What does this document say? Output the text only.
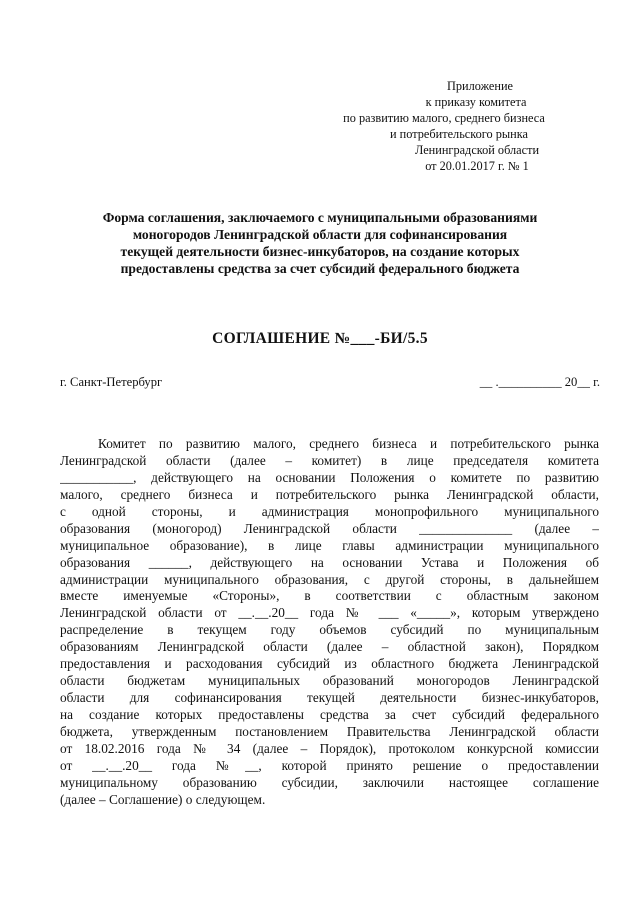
Приложение
к приказу комитета
по развитию малого, среднего бизнеса
и потребительского рынка
Ленинградской области
от 20.01.2017 г. № 1
Форма соглашения, заключаемого с муниципальными образованиями
моногородов Ленинградской области для софинансирования
текущей деятельности бизнес-инкубаторов, на создание которых
предоставлены средства за счет субсидий федерального бюджета
СОГЛАШЕНИЕ №___-БИ/5.5
г. Санкт-Петербург	__ .__________ 20__ г.
Комитет по развитию малого, среднего бизнеса и потребительского рынка
Ленинградской области (далее – комитет) в лице председателя комитета
___________, действующего на основании Положения о комитете по развитию
малого, среднего бизнеса и потребительского рынка Ленинградской области,
с одной стороны, и администрация монопрофильного муниципального
образования (моногород) Ленинградской области ______________ (далее –
муниципальное образование), в лице главы администрации муниципального
образования ______, действующего на основании Устава и Положения об
администрации муниципального образования, с другой стороны, в дальнейшем
вместе именуемые «Стороны», в соответствии с областным законом
Ленинградской области от __.__.20__ года № ___ «_____», которым утверждено
распределение в текущем году объемов субсидий по муниципальным
образованиям Ленинградской области (далее – областной закон), Порядком
предоставления и расходования субсидий из областного бюджета Ленинградской
области бюджетам муниципальных образований моногородов Ленинградской
области для софинансирования текущей деятельности бизнес-инкубаторов,
на создание которых предоставлены средства за счет субсидий федерального
бюджета, утвержденным постановлением Правительства Ленинградской области
от 18.02.2016 года № 34 (далее – Порядок), протоколом конкурсной комиссии
от __.__.20__ года №__, которой принято решение о предоставлении
муниципальному образованию субсидии, заключили настоящее соглашение
(далее – Соглашение) о следующем.
